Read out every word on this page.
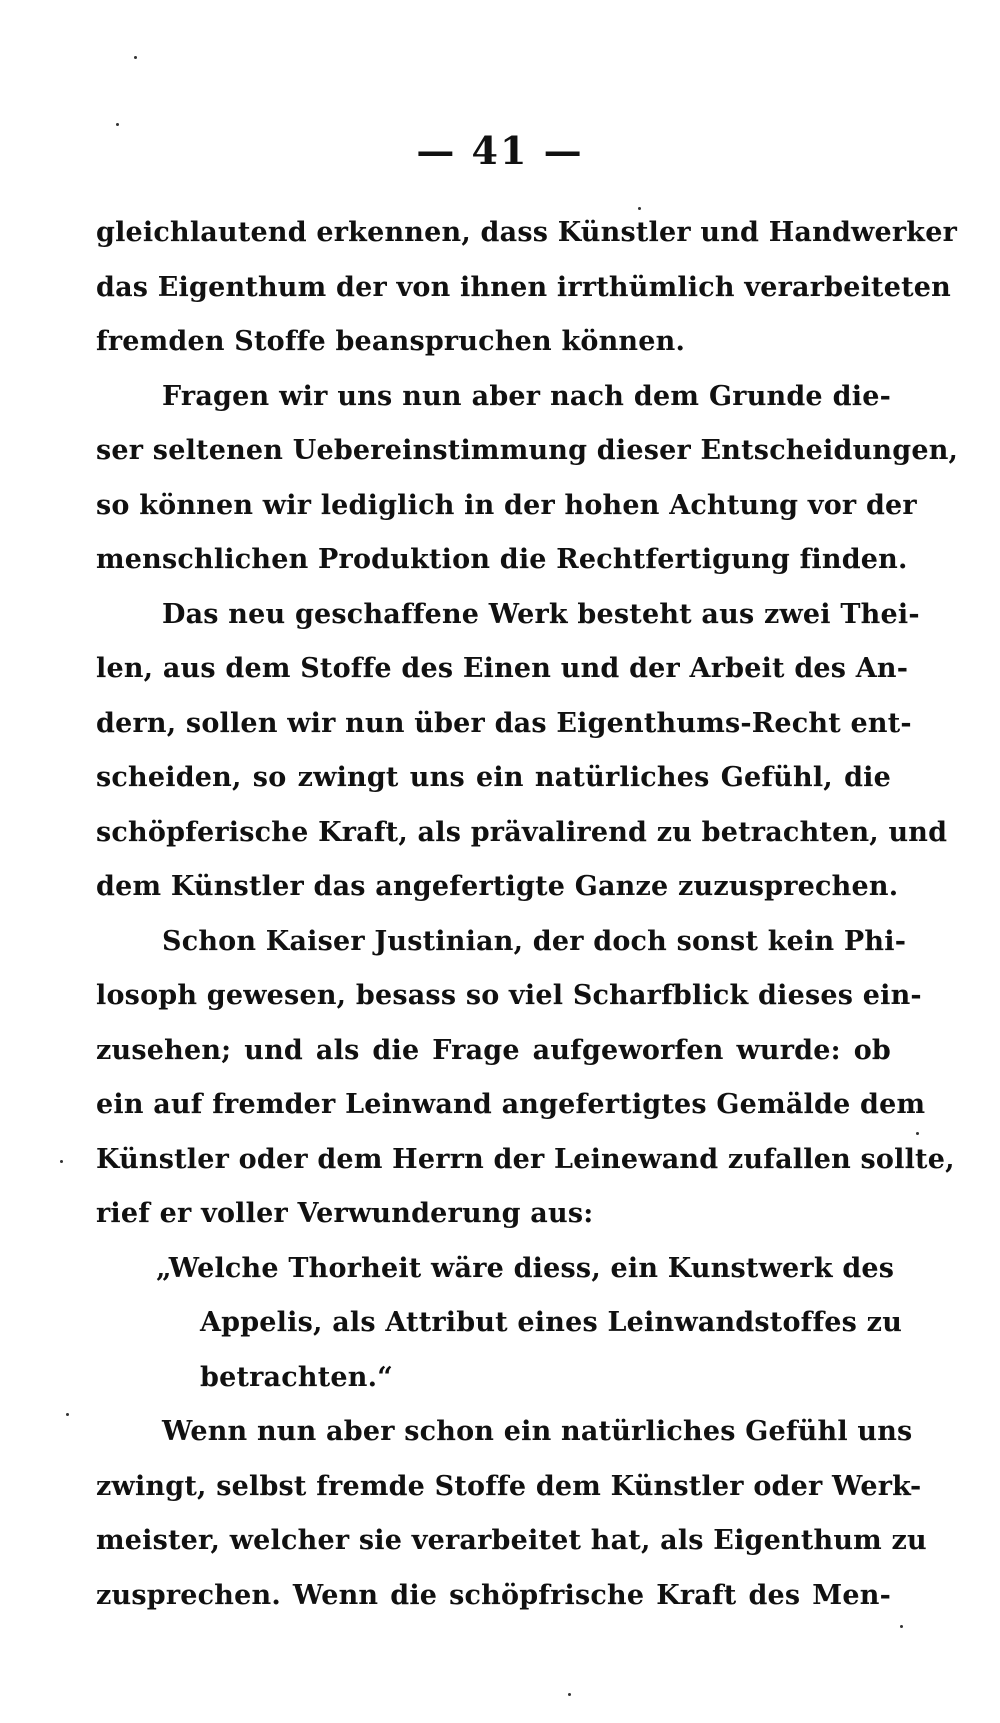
— 41 —
gleichlautend erkennen, dass Künstler und Handwerker
das Eigenthum der von ihnen irrthümlich verarbeiteten
fremden Stoffe beanspruchen können.
Fragen wir uns nun aber nach dem Grunde die-
ser seltenen Uebereinstimmung dieser Entscheidungen,
so können wir lediglich in der hohen Achtung vor der
menschlichen Produktion die Rechtfertigung finden.
Das neu geschaffene Werk besteht aus zwei Thei-
len, aus dem Stoffe des Einen und der Arbeit des An-
dern, sollen wir nun über das Eigenthums-Recht ent-
scheiden, so zwingt uns ein natürliches Gefühl, die
schöpferische Kraft, als prävalirend zu betrachten, und
dem Künstler das angefertigte Ganze zuzusprechen.
Schon Kaiser Justinian, der doch sonst kein Phi-
losoph gewesen, besass so viel Scharfblick dieses ein-
zusehen; und als die Frage aufgeworfen wurde: ob
ein auf fremder Leinwand angefertigtes Gemälde dem
Künstler oder dem Herrn der Leinewand zufallen sollte,
rief er voller Verwunderung aus:
„Welche Thorheit wäre diess, ein Kunstwerk des
Appelis, als Attribut eines Leinwandstoffes zu
betrachten.“
Wenn nun aber schon ein natürliches Gefühl uns
zwingt, selbst fremde Stoffe dem Künstler oder Werk-
meister, welcher sie verarbeitet hat, als Eigenthum zu
zusprechen. Wenn die schöpfrische Kraft des Men-
